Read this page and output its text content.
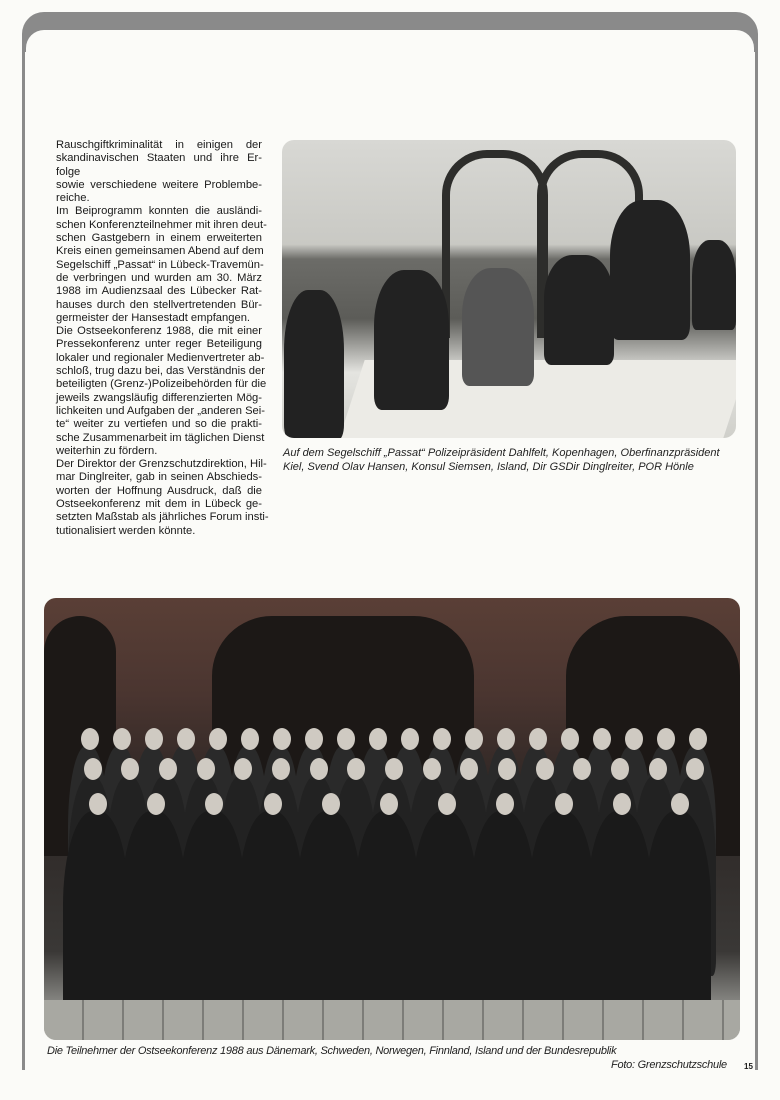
Rauschgiftkriminalität in einigen der
skandinavischen Staaten und ihre Er-
folge
sowie verschiedene weitere Problembe-
reiche.
Im Beiprogramm konnten die ausländi-
schen Konferenzteilnehmer mit ihren deut-
schen Gastgebern in einem erweiterten
Kreis einen gemeinsamen Abend auf dem
Segelschiff „Passat“ in Lübeck-Travemün-
de verbringen und wurden am 30. März
1988 im Audienzsaal des Lübecker Rat-
hauses durch den stellvertretenden Bür-
germeister der Hansestadt empfangen.
Die Ostseekonferenz 1988, die mit einer
Pressekonferenz unter reger Beteiligung
lokaler und regionaler Medienvertreter ab-
schloß, trug dazu bei, das Verständnis der
beteiligten (Grenz-)Polizeibehörden für die
jeweils zwangsläufig differenzierten Mög-
lichkeiten und Aufgaben der „anderen Sei-
te“ weiter zu vertiefen und so die prakti-
sche Zusammenarbeit im täglichen Dienst
weiterhin zu fördern.
Der Direktor der Grenzschutzdirektion, Hil-
mar Dinglreiter, gab in seinen Abschieds-
worten der Hoffnung Ausdruck, daß die
Ostseekonferenz mit dem in Lübeck ge-
setzten Maßstab als jährliches Forum insti-
tutionalisiert werden könnte.
Auf dem Segelschiff „Passat“ Polizeipräsident Dahlfelt, Kopenhagen, Oberfinanzpräsident Kiel, Svend Olav Hansen, Konsul Siemsen, Island, Dir GSDir Dinglreiter, POR Hönle
Die Teilnehmer der Ostseekonferenz 1988 aus Dänemark, Schweden, Norwegen, Finnland, Island und der Bundesrepublik
Foto: Grenzschutzschule 15
